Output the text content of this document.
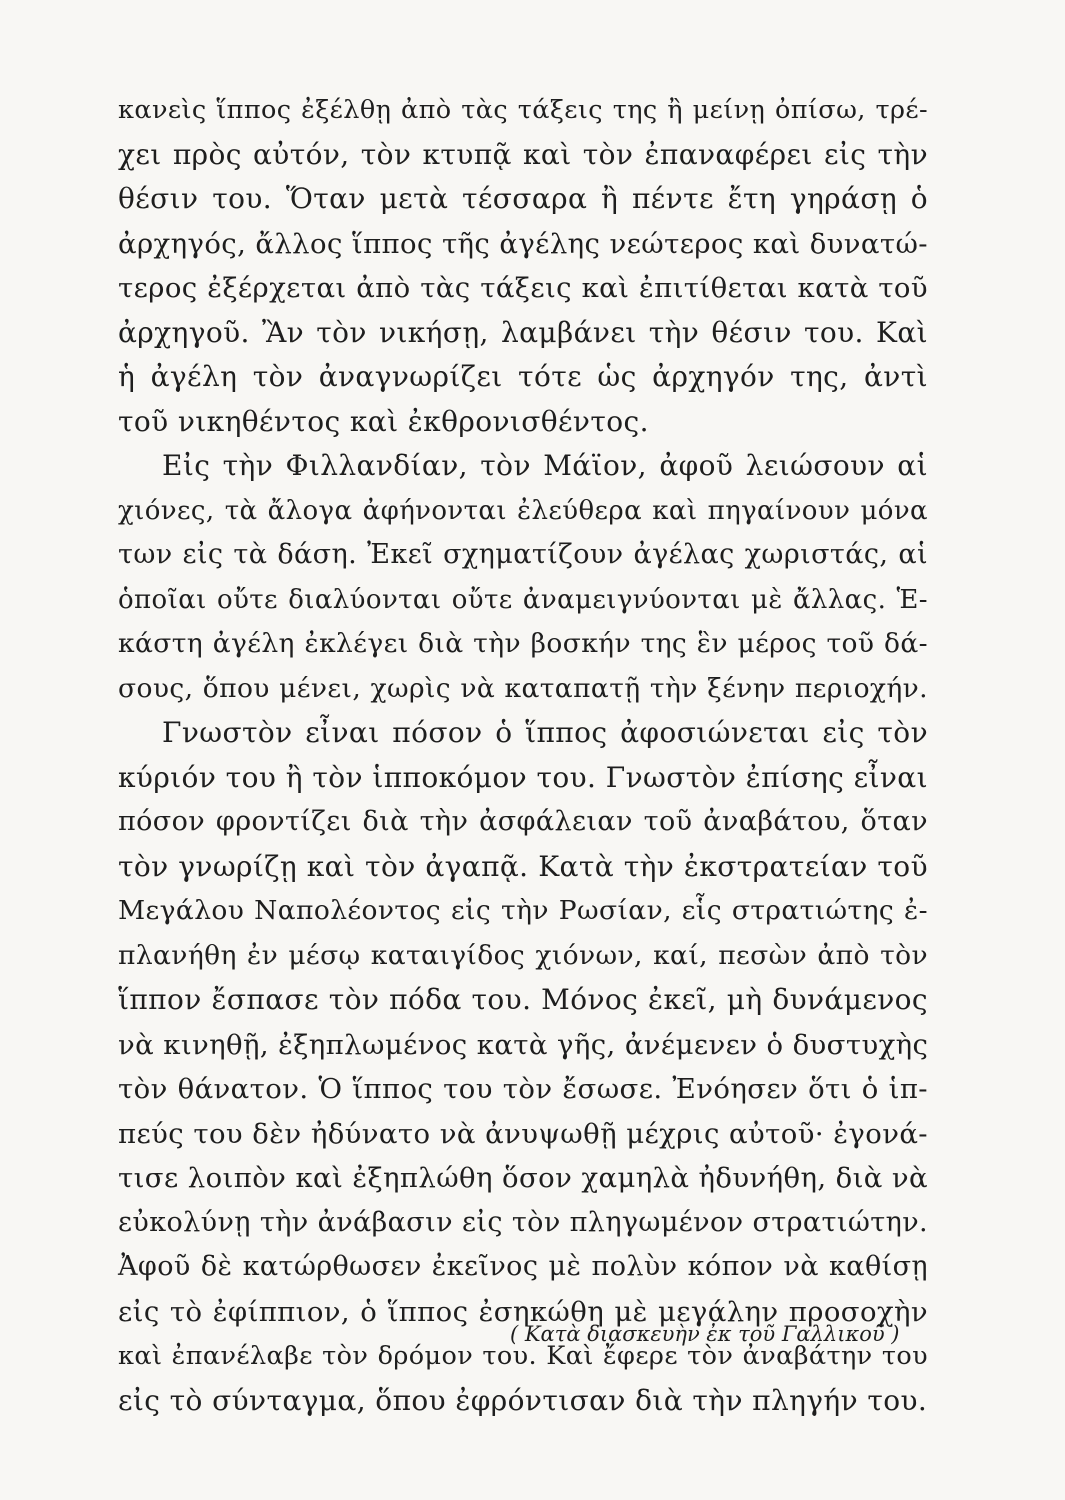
κανεὶς ἵππος ἐξέλθῃ ἀπὸ τὰς τάξεις της ἢ μείνῃ ὀπίσω, τρέ-
χει πρὸς αὐτόν, τὸν κτυπᾷ καὶ τὸν ἐπαναφέρει εἰς τὴν
θέσιν του. Ὅταν μετὰ τέσσαρα ἢ πέντε ἔτη γηράσῃ ὁ
ἀρχηγός, ἄλλος ἵππος τῆς ἀγέλης νεώτερος καὶ δυνατώ-
τερος ἐξέρχεται ἀπὸ τὰς τάξεις καὶ ἐπιτίθεται κατὰ τοῦ
ἀρχηγοῦ. Ἂν τὸν νικήσῃ, λαμβάνει τὴν θέσιν του. Καὶ
ἡ ἀγέλη τὸν ἀναγνωρίζει τότε ὡς ἀρχηγόν της, ἀντὶ
τοῦ νικηθέντος καὶ ἐκθρονισθέντος.
Εἰς τὴν Φιλλανδίαν, τὸν Μάϊον, ἀφοῦ λειώσουν αἱ
χιόνες, τὰ ἄλογα ἀφήνονται ἐλεύθερα καὶ πηγαίνουν μόνα
των εἰς τὰ δάση. Ἐκεῖ σχηματίζουν ἀγέλας χωριστάς, αἱ
ὁποῖαι οὔτε διαλύονται οὔτε ἀναμειγνύονται μὲ ἄλλας. Ἑ-
κάστη ἀγέλη ἐκλέγει διὰ τὴν βοσκήν της ἓν μέρος τοῦ δά-
σους, ὅπου μένει, χωρὶς νὰ καταπατῇ τὴν ξένην περιοχήν.
Γνωστὸν εἶναι πόσον ὁ ἵππος ἀφοσιώνεται εἰς τὸν
κύριόν του ἢ τὸν ἱπποκόμον του. Γνωστὸν ἐπίσης εἶναι
πόσον φροντίζει διὰ τὴν ἀσφάλειαν τοῦ ἀναβάτου, ὅταν
τὸν γνωρίζῃ καὶ τὸν ἀγαπᾷ. Κατὰ τὴν ἐκστρατείαν τοῦ
Μεγάλου Ναπολέοντος εἰς τὴν Ρωσίαν, εἷς στρατιώτης ἐ-
πλανήθη ἐν μέσῳ καταιγίδος χιόνων, καί, πεσὼν ἀπὸ τὸν
ἵππον ἔσπασε τὸν πόδα του. Μόνος ἐκεῖ, μὴ δυνάμενος
νὰ κινηθῇ, ἐξηπλωμένος κατὰ γῆς, ἀνέμενεν ὁ δυστυχὴς
τὸν θάνατον. Ὁ ἵππος του τὸν ἔσωσε. Ἐνόησεν ὅτι ὁ ἱπ-
πεύς του δὲν ἠδύνατο νὰ ἀνυψωθῇ μέχρις αὐτοῦ· ἐγονά-
τισε λοιπὸν καὶ ἐξηπλώθη ὅσον χαμηλὰ ἠδυνήθη, διὰ νὰ
εὐκολύνῃ τὴν ἀνάβασιν εἰς τὸν πληγωμένον στρατιώτην.
Ἀφοῦ δὲ κατώρθωσεν ἐκεῖνος μὲ πολὺν κόπον νὰ καθίσῃ
εἰς τὸ ἐφίππιον, ὁ ἵππος ἐσηκώθη μὲ μεγάλην προσοχὴν
καὶ ἐπανέλαβε τὸν δρόμον του. Καὶ ἔφερε τὸν ἀναβάτην του
εἰς τὸ σύνταγμα, ὅπου ἐφρόντισαν διὰ τὴν πληγήν του.
( Κατὰ διασκευὴν ἐκ τοῦ Γαλλικοῦ )
